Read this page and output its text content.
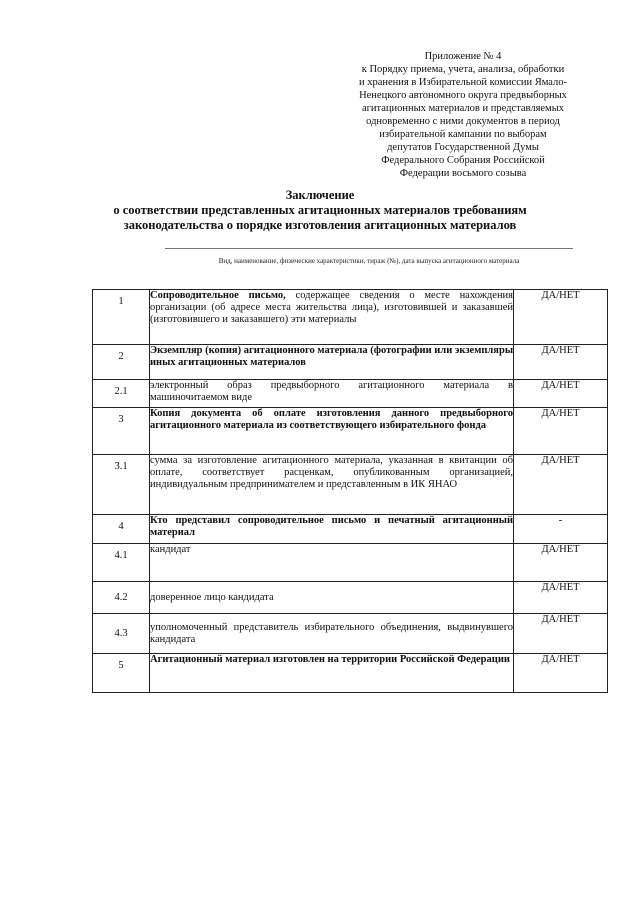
Приложение № 4
к Порядку приема, учета, анализа, обработки
и хранения в Избирательной комиссии Ямало-
Ненецкого автономного округа предвыборных
агитационных материалов и представляемых
одновременно с ними документов в период
избирательной кампании по выборам
депутатов Государственной Думы
Федерального Собрания Российской
Федерации восьмого созыва
Заключение
о соответствии представленных агитационных материалов требованиям
законодательства о порядке изготовления агитационных материалов
Вид, наименование, физические характеристики, тираж (№), дата выпуска агитационного материала
1	Сопроводительное письмо, содержащее сведения о месте нахождения организации (об адресе места жительства лица), изготовившей и заказавшей (изготовившего и заказавшего) эти материалы	ДА/НЕТ
2	Экземпляр (копия) агитационного материала (фотографии или экземпляры иных агитационных материалов	ДА/НЕТ
2.1	электронный образ предвыборного агитационного материала в машиночитаемом виде	ДА/НЕТ
3	Копия документа об оплате изготовления данного предвыборного агитационного материала из соответствующего избирательного фонда	ДА/НЕТ
3.1	сумма за изготовление агитационного материала, указанная в квитанции об оплате, соответствует расценкам, опубликованным организацией, индивидуальным предпринимателем и представленным в ИК ЯНАО	ДА/НЕТ
4	Кто представил сопроводительное письмо и печатный агитационный материал	-
4.1	кандидат	ДА/НЕТ
4.2	доверенное лицо кандидата	ДА/НЕТ
4.3	уполномоченный представитель избирательного объединения, выдвинувшего кандидата	ДА/НЕТ
5	Агитационный материал изготовлен на территории Российской Федерации	ДА/НЕТ
